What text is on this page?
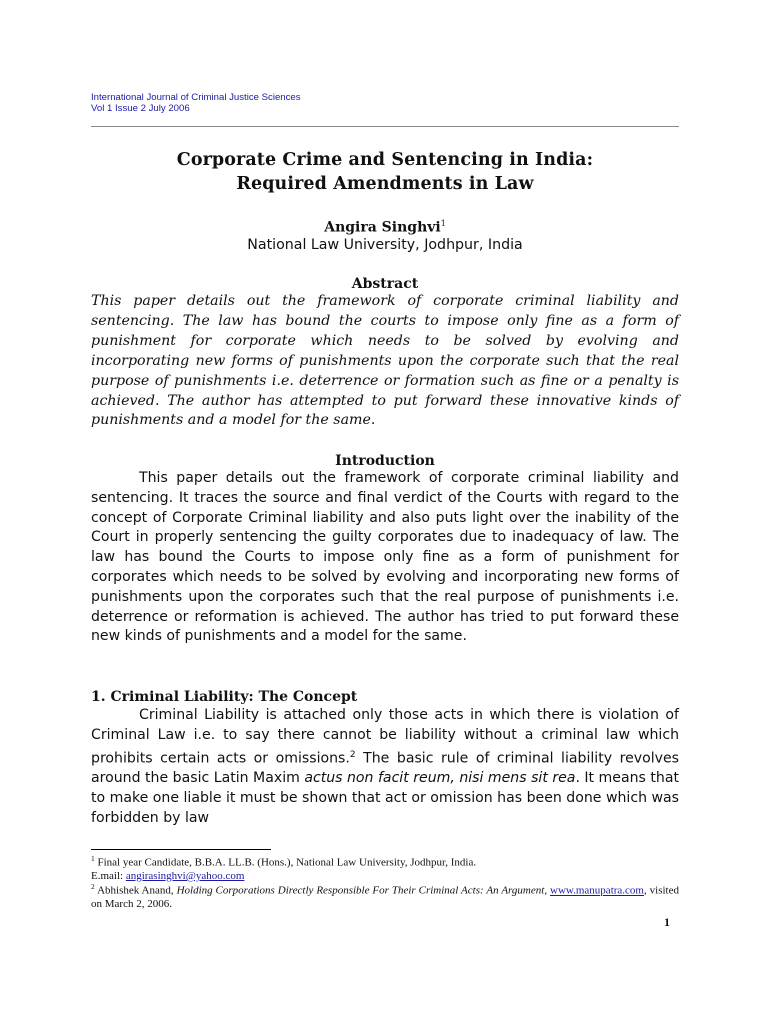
International Journal of Criminal Justice Sciences
Vol 1 Issue 2 July 2006
Corporate Crime and Sentencing in India:
Required Amendments in Law
Angira Singhvi$^1$
National Law University, Jodhpur, India
Abstract
This paper details out the framework of corporate criminal liability and sentencing. The law has bound the courts to impose only fine as a form of punishment for corporate which needs to be solved by evolving and incorporating new forms of punishments upon the corporate such that the real purpose of punishments i.e. deterrence or formation such as fine or a penalty is achieved. The author has attempted to put forward these innovative kinds of punishments and a model for the same.
Introduction
This paper details out the framework of corporate criminal liability and sentencing. It traces the source and final verdict of the Courts with regard to the concept of Corporate Criminal liability and also puts light over the inability of the Court in properly sentencing the guilty corporates due to inadequacy of law. The law has bound the Courts to impose only fine as a form of punishment for corporates which needs to be solved by evolving and incorporating new forms of punishments upon the corporates such that the real purpose of punishments i.e. deterrence or reformation is achieved. The author has tried to put forward these new kinds of punishments and a model for the same.
1. Criminal Liability: The Concept
Criminal Liability is attached only those acts in which there is violation of Criminal Law i.e. to say there cannot be liability without a criminal law which prohibits certain acts or omissions.$^2$ The basic rule of criminal liability revolves around the basic Latin Maxim actus non facit reum, nisi mens sit rea. It means that to make one liable it must be shown that act or omission has been done which was forbidden by law
$^1$ Final year Candidate, B.B.A. LL.B. (Hons.), National Law University, Jodhpur, India.
E.mail: angirasinghvi@yahoo.com
$^2$ Abhishek Anand, Holding Corporations Directly Responsible For Their Criminal Acts: An Argument, www.manupatra.com, visited on March 2, 2006.
1
